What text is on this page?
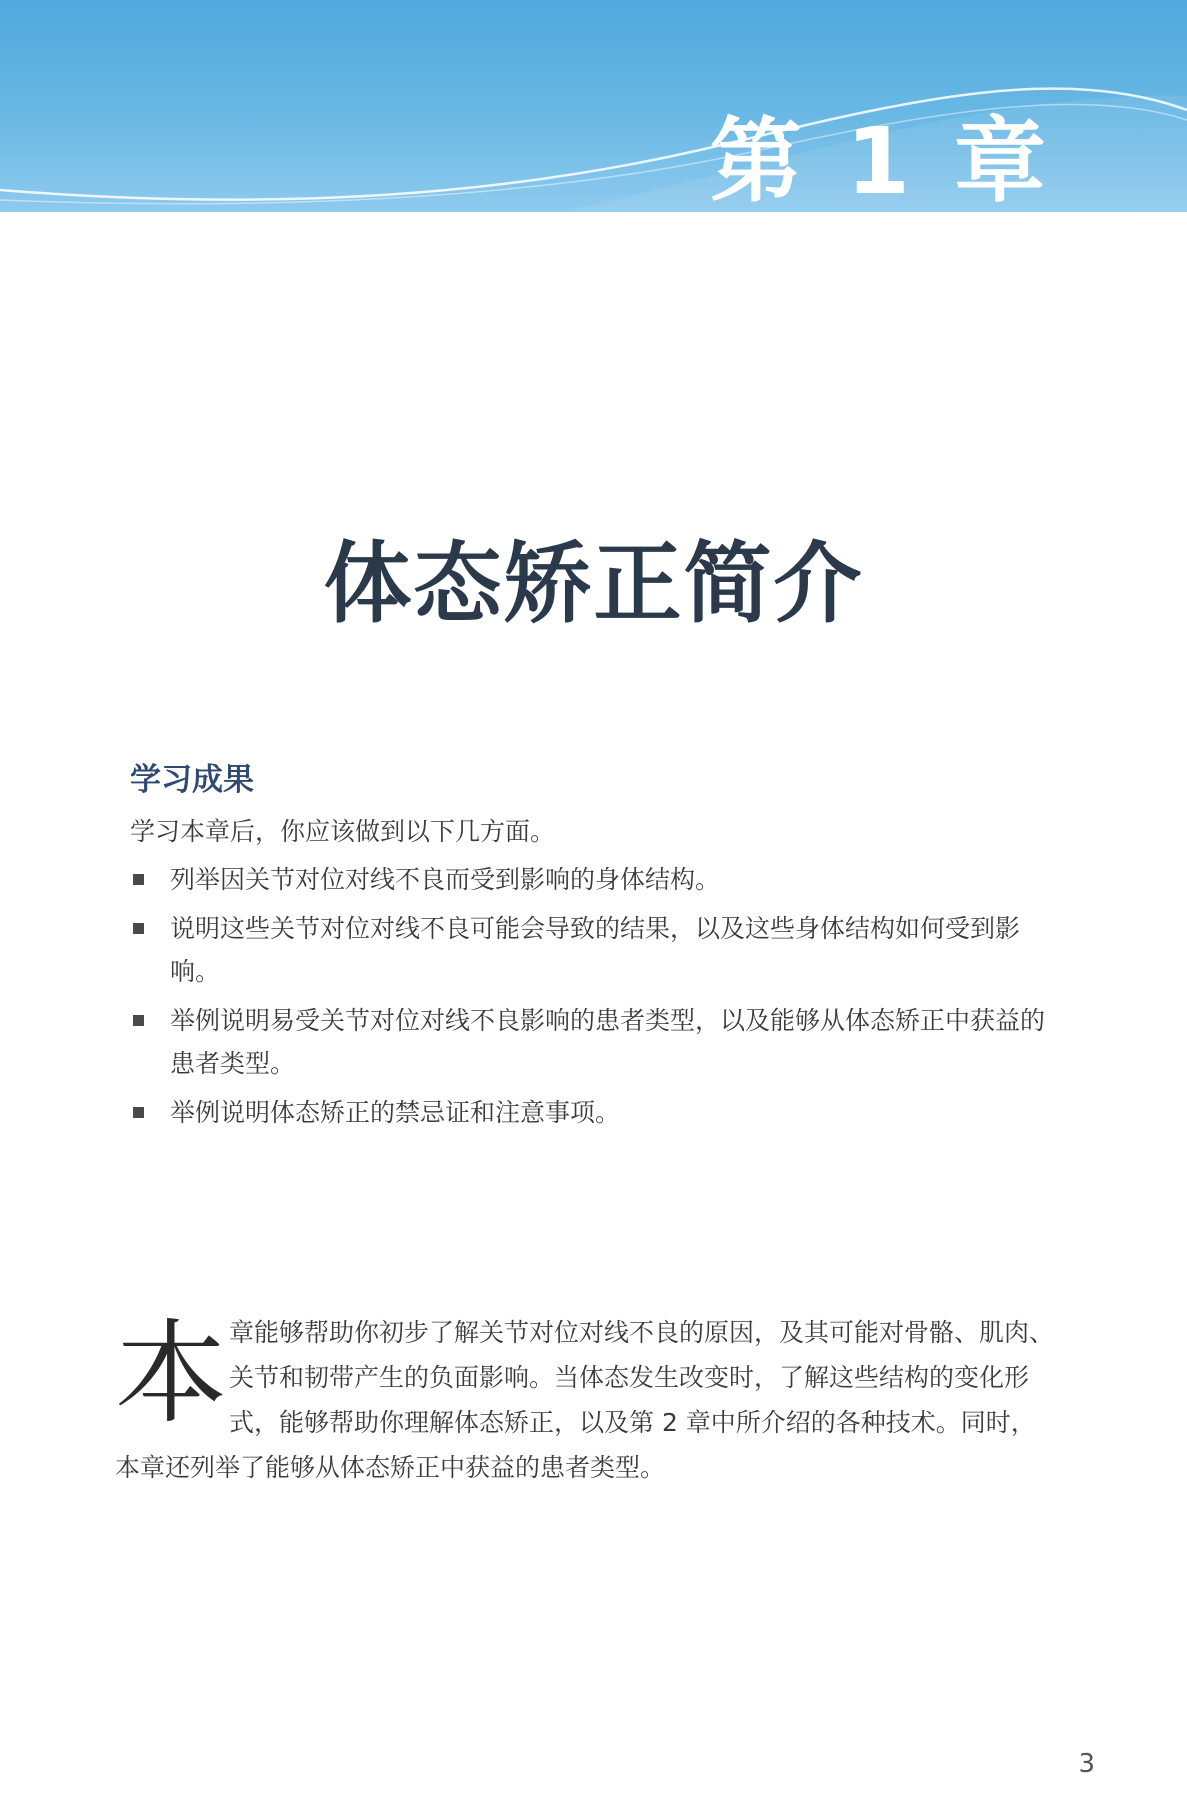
第 1 章
体态矫正简介
学习成果
学习本章后，你应该做到以下几方面。
列举因关节对位对线不良而受到影响的身体结构。
说明这些关节对位对线不良可能会导致的结果，以及这些身体结构如何受到影响。
举例说明易受关节对位对线不良影响的患者类型，以及能够从体态矫正中获益的患者类型。
举例说明体态矫正的禁忌证和注意事项。
本 章能够帮助你初步了解关节对位对线不良的原因，及其可能对骨骼、肌肉、关节和韧带产生的负面影响。当体态发生改变时，了解这些结构的变化形式，能够帮助你理解体态矫正，以及第 2 章中所介绍的各种技术。同时，本章还列举了能够从体态矫正中获益的患者类型。
3
